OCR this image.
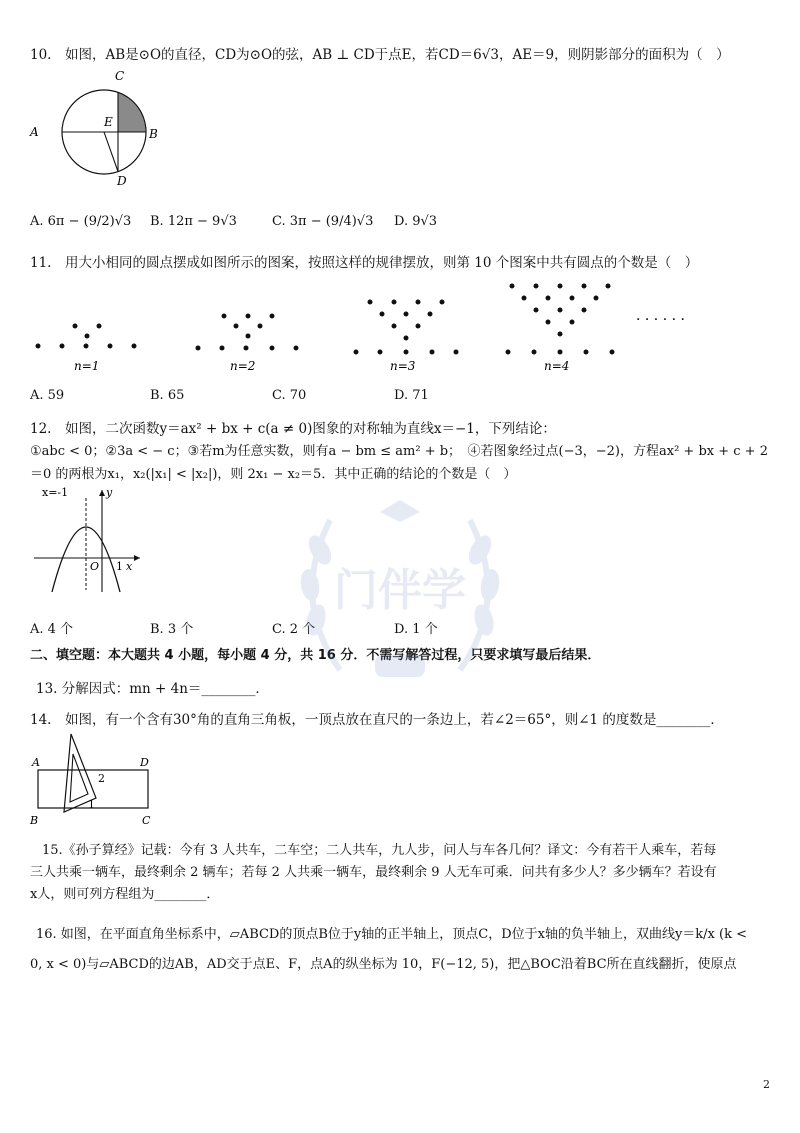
10.　如图，AB是⊙O的直径，CD为⊙O的弦，AB ⊥ CD于点E，若CD＝6√3，AE＝9，则阴影部分的面积为（　）
A	B
C
D
E
A. 6π − (9/2)√3 B. 12π − 9√3	C. 3π − (9/4)√3 D. 9√3
11.　用大小相同的圆点摆成如图所示的图案，按照这样的规律摆放，则第 10 个图案中共有圆点的个数是（　）
n=1	n=2	n=3	n=4
· · · · · ·
A. 59	B. 65	C. 70	D. 71
12.　如图，二次函数y＝ax² + bx + c(a ≠ 0)图象的对称轴为直线x＝−1，下列结论：
①abc < 0；②3a < − c；③若m为任意实数，则有a − bm ≤ am² + b；　④若图象经过点(−3，−2)，方程ax² + bx + c + 2
＝0 的两根为x₁，x₂(|x₁| < |x₂|)，则 2x₁ − x₂＝5．其中正确的结论的个数是（　）
x=-1	y
x
O 1
A. 4 个	B. 3 个	C. 2 个	D. 1 个
二、填空题：本大题共 4 小题，每小题 4 分，共 16 分．不需写解答过程，只要求填写最后结果．
13. 分解因式：mn + 4n＝________．
14.　如图，有一个含有30°角的直角三角板，一顶点放在直尺的一条边上，若∠2＝65°，则∠1 的度数是________．
A	D
B	C
1
2
15.《孙子算经》记载：今有 3 人共车，二车空；二人共车，九人步，问人与车各几何？译文：今有若干人乘车，若每
三人共乘一辆车，最终剩余 2 辆车；若每 2 人共乘一辆车，最终剩余 9 人无车可乘．问共有多少人？多少辆车？若设有
x人，则可列方程组为________．
16. 如图，在平面直角坐标系中，▱ABCD的顶点B位于y轴的正半轴上，顶点C，D位于x轴的负半轴上，双曲线y＝k/x (k <
0, x < 0)与▱ABCD的边AB，AD交于点E、F，点A的纵坐标为 10，F(−12, 5)，把△BOC沿着BC所在直线翻折，使原点
门伴学
2
